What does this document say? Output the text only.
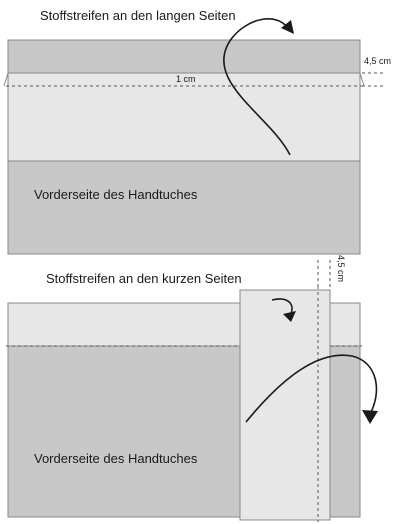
Stoffstreifen an den langen Seiten
1 cm
4,5 cm
Vorderseite des Handtuches
Stoffstreifen an den kurzen Seiten	4,5 cm
Vorderseite des Handtuches
